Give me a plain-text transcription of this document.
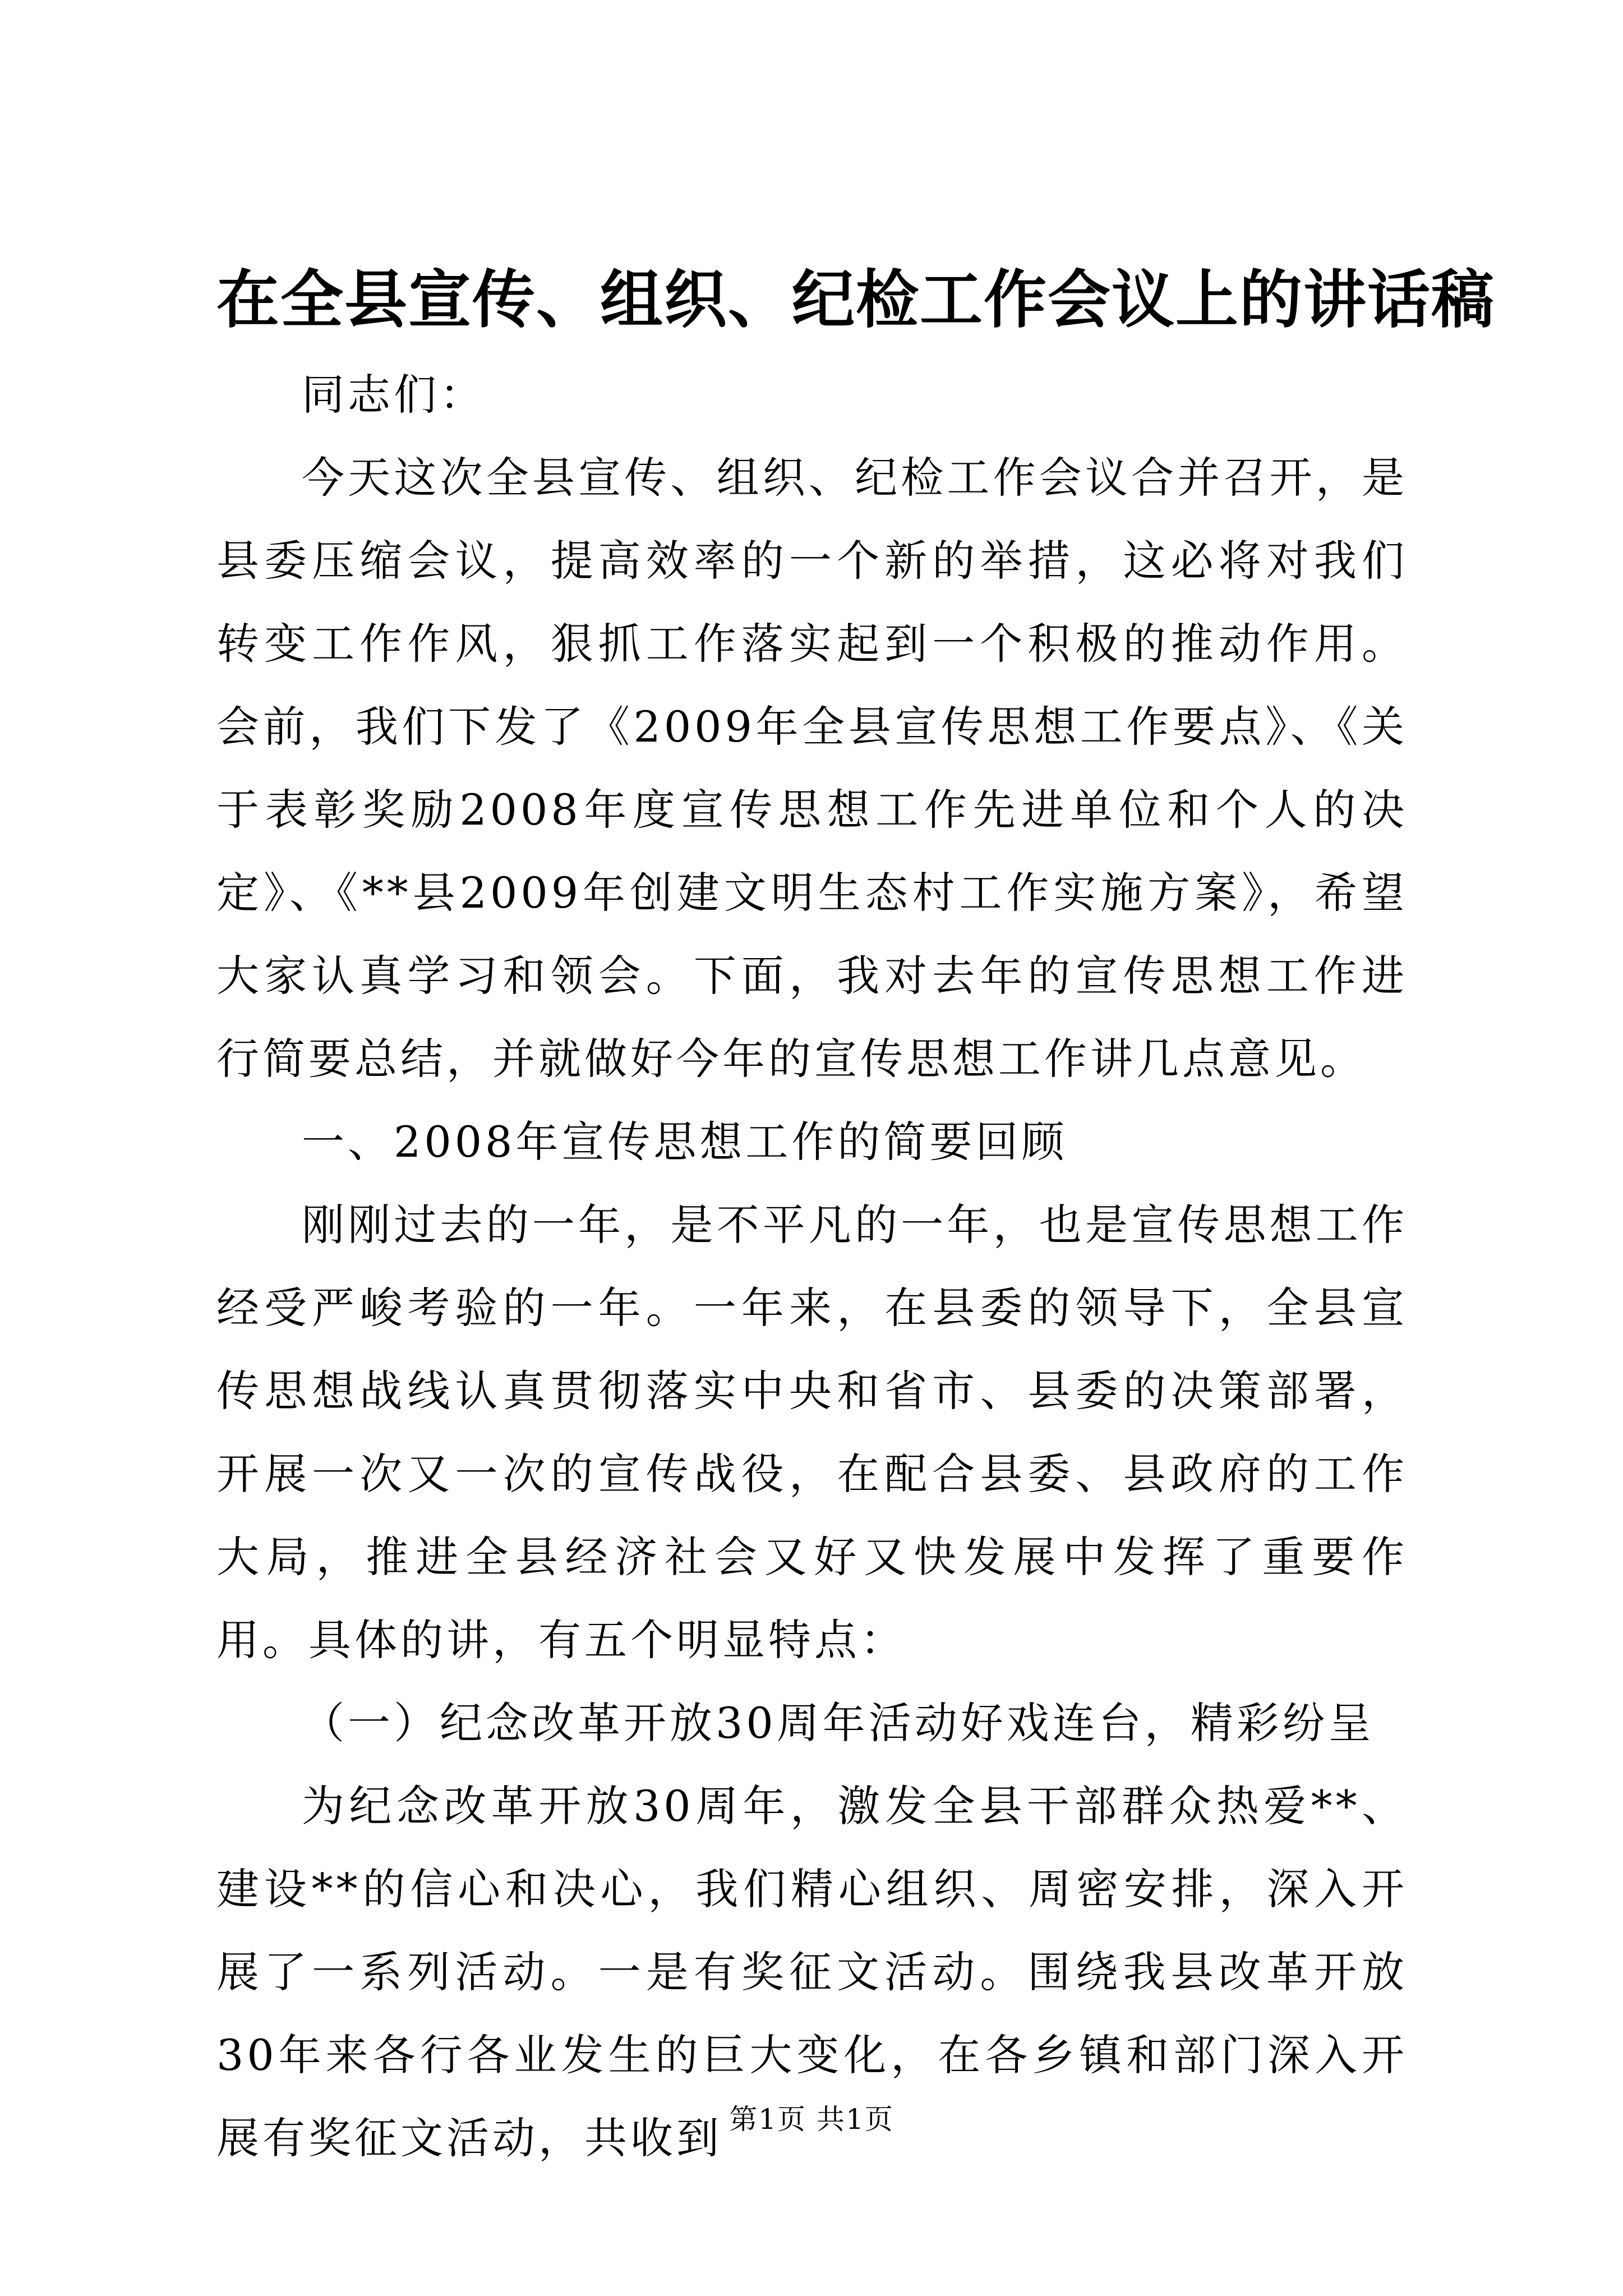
在全县宣传、组织、纪检工作会议上的讲话稿

同志们：

今天这次全县宣传、组织、纪检工作会议合并召开，是县委压缩会议，提高效率的一个新的举措，这必将对我们转变工作作风，狠抓工作落实起到一个积极的推动作用。会前，我们下发了《2009年全县宣传思想工作要点》、《关于表彰奖励2008年度宣传思想工作先进单位和个人的决定》、《**县2009年创建文明生态村工作实施方案》，希望大家认真学习和领会。下面，我对去年的宣传思想工作进行简要总结，并就做好今年的宣传思想工作讲几点意见。

一、2008年宣传思想工作的简要回顾

刚刚过去的一年，是不平凡的一年，也是宣传思想工作经受严峻考验的一年。一年来，在县委的领导下，全县宣传思想战线认真贯彻落实中央和省市、县委的决策部署，开展一次又一次的宣传战役，在配合县委、县政府的工作大局，推进全县经济社会又好又快发展中发挥了重要作用。具体的讲，有五个明显特点：

（一）纪念改革开放30周年活动好戏连台，精彩纷呈

为纪念改革开放30周年，激发全县干部群众热爱**、建设**的信心和决心，我们精心组织、周密安排，深入开展了一系列活动。一是有奖征文活动。围绕我县改革开放30年来各行各业发生的巨大变化，在各乡镇和部门深入开展有奖征文活动，共收到 第1页 共1页
